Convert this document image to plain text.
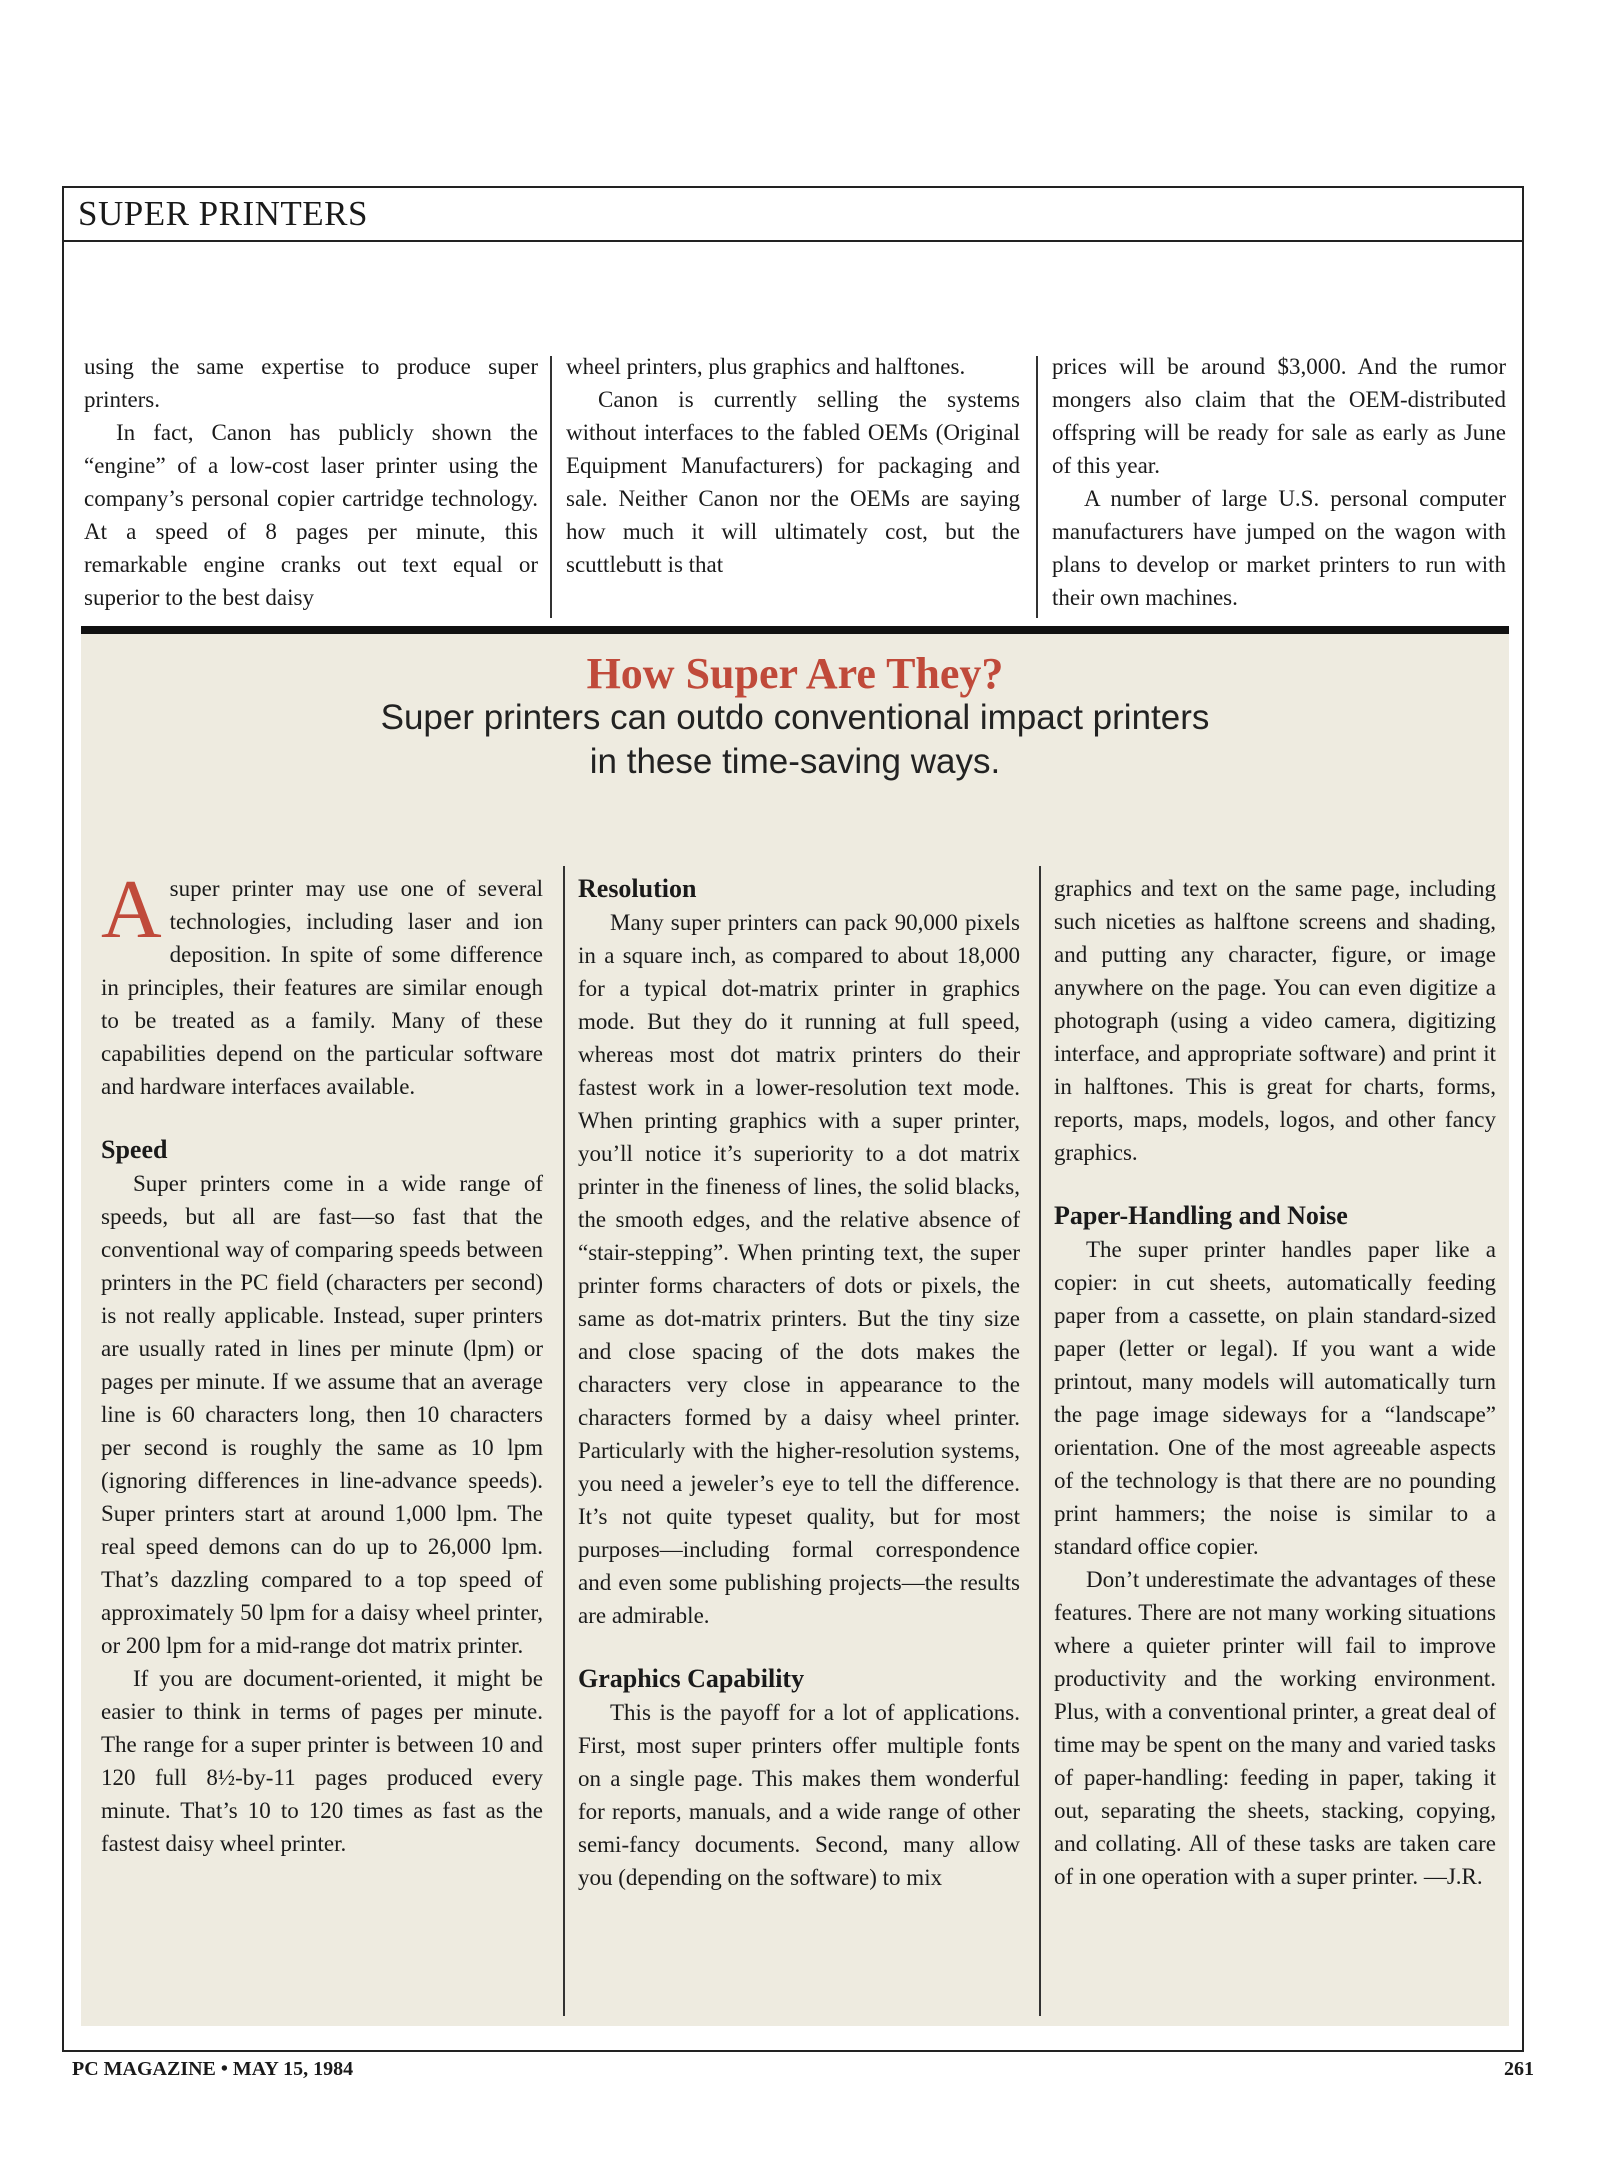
SUPER PRINTERS

using the same expertise to produce super printers.

In fact, Canon has publicly shown the “engine” of a low-cost laser printer using the company’s personal copier cartridge technology. At a speed of 8 pages per minute, this remarkable engine cranks out text equal or superior to the best daisy

wheel printers, plus graphics and halftones.

Canon is currently selling the systems without interfaces to the fabled OEMs (Original Equipment Manufacturers) for packaging and sale. Neither Canon nor the OEMs are saying how much it will ultimately cost, but the scuttlebutt is that

prices will be around $3,000. And the rumor mongers also claim that the OEM-distributed offspring will be ready for sale as early as June of this year.

A number of large U.S. personal computer manufacturers have jumped on the wagon with plans to develop or market printers to run with their own machines.

How Super Are They?
Super printers can outdo conventional impact printers
in these time-saving ways.

Asuper printer may use one of several technologies, including laser and ion deposition. In spite of some difference in principles, their features are similar enough to be treated as a family. Many of these capabilities depend on the particular software and hardware interfaces available.

Speed

Super printers come in a wide range of speeds, but all are fast—so fast that the conventional way of comparing speeds between printers in the PC field (characters per second) is not really applicable. Instead, super printers are usually rated in lines per minute (lpm) or pages per minute. If we assume that an average line is 60 characters long, then 10 characters per second is roughly the same as 10 lpm (ignoring differences in line-advance speeds). Super printers start at around 1,000 lpm. The real speed demons can do up to 26,000 lpm. That’s dazzling compared to a top speed of approximately 50 lpm for a daisy wheel printer, or 200 lpm for a mid-range dot matrix printer.

If you are document-oriented, it might be easier to think in terms of pages per minute. The range for a super printer is between 10 and 120 full 8½-by-11 pages produced every minute. That’s 10 to 120 times as fast as the fastest daisy wheel printer.

Resolution

Many super printers can pack 90,000 pixels in a square inch, as compared to about 18,000 for a typical dot-matrix printer in graphics mode. But they do it running at full speed, whereas most dot matrix printers do their fastest work in a lower-resolution text mode. When printing graphics with a super printer, you’ll notice it’s superiority to a dot matrix printer in the fineness of lines, the solid blacks, the smooth edges, and the relative absence of “stair-stepping”. When printing text, the super printer forms characters of dots or pixels, the same as dot-matrix printers. But the tiny size and close spacing of the dots makes the characters very close in appearance to the characters formed by a daisy wheel printer. Particularly with the higher-resolution systems, you need a jeweler’s eye to tell the difference. It’s not quite typeset quality, but for most purposes—including formal correspondence and even some publishing projects—the results are admirable.

Graphics Capability

This is the payoff for a lot of applications. First, most super printers offer multiple fonts on a single page. This makes them wonderful for reports, manuals, and a wide range of other semi-fancy documents. Second, many allow you (depending on the software) to mix

graphics and text on the same page, including such niceties as halftone screens and shading, and putting any character, figure, or image anywhere on the page. You can even digitize a photograph (using a video camera, digitizing interface, and appropriate software) and print it in halftones. This is great for charts, forms, reports, maps, models, logos, and other fancy graphics.

Paper-Handling and Noise

The super printer handles paper like a copier: in cut sheets, automatically feeding paper from a cassette, on plain standard-sized paper (letter or legal). If you want a wide printout, many models will automatically turn the page image sideways for a “landscape” orientation. One of the most agreeable aspects of the technology is that there are no pounding print hammers; the noise is similar to a standard office copier.

Don’t underestimate the advantages of these features. There are not many working situations where a quieter printer will fail to improve productivity and the working environment. Plus, with a conventional printer, a great deal of time may be spent on the many and varied tasks of paper-handling: feeding in paper, taking it out, separating the sheets, stacking, copying, and collating. All of these tasks are taken care of in one operation with a super printer. —J.R.

PC MAGAZINE • MAY 15, 1984	261
